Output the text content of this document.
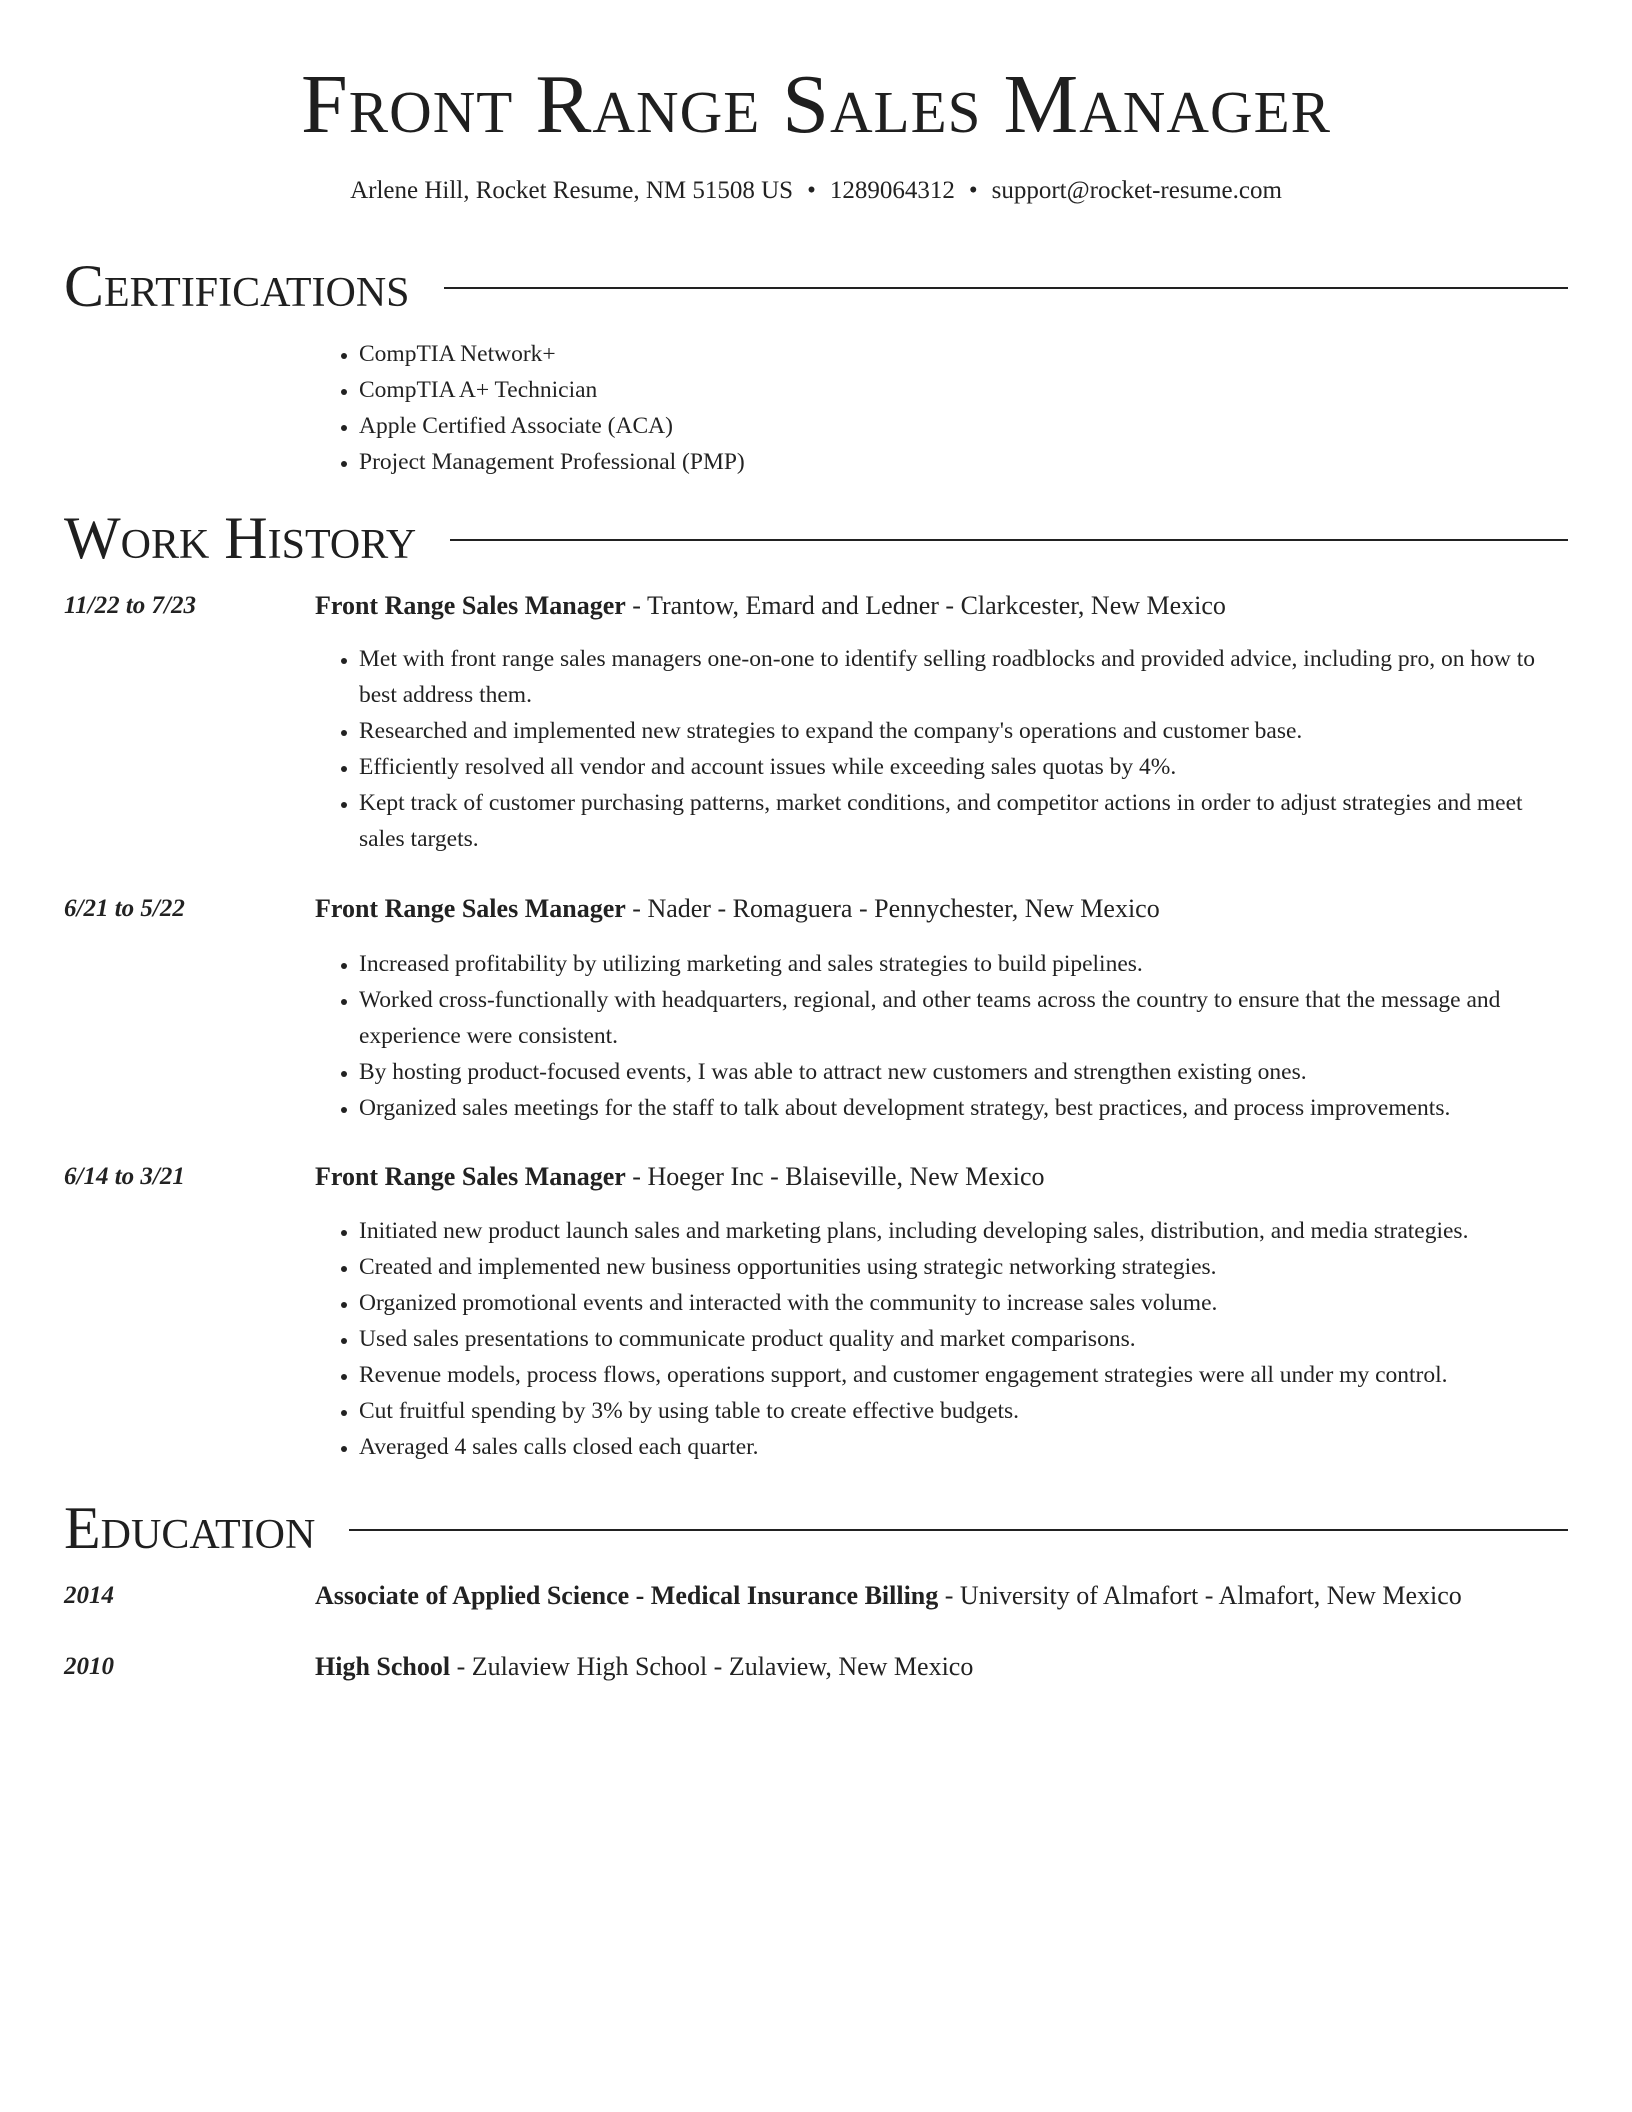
Front Range Sales Manager
Arlene Hill, Rocket Resume, NM 51508 US • 1289064312 • support@rocket-resume.com
Certifications
• CompTIA Network+
• CompTIA A+ Technician
• Apple Certified Associate (ACA)
• Project Management Professional (PMP)
Work History
11/22 to 7/23	Front Range Sales Manager - Trantow, Emard and Ledner - Clarkcester, New Mexico
• Met with front range sales managers one-on-one to identify selling roadblocks and provided advice, including pro, on how to best address them.
• Researched and implemented new strategies to expand the company's operations and customer base.
• Efficiently resolved all vendor and account issues while exceeding sales quotas by 4%.
• Kept track of customer purchasing patterns, market conditions, and competitor actions in order to adjust strategies and meet sales targets.
6/21 to 5/22	Front Range Sales Manager - Nader - Romaguera - Pennychester, New Mexico
• Increased profitability by utilizing marketing and sales strategies to build pipelines.
• Worked cross-functionally with headquarters, regional, and other teams across the country to ensure that the message and experience were consistent.
• By hosting product-focused events, I was able to attract new customers and strengthen existing ones.
• Organized sales meetings for the staff to talk about development strategy, best practices, and process improvements.
6/14 to 3/21	Front Range Sales Manager - Hoeger Inc - Blaiseville, New Mexico
• Initiated new product launch sales and marketing plans, including developing sales, distribution, and media strategies.
• Created and implemented new business opportunities using strategic networking strategies.
• Organized promotional events and interacted with the community to increase sales volume.
• Used sales presentations to communicate product quality and market comparisons.
• Revenue models, process flows, operations support, and customer engagement strategies were all under my control.
• Cut fruitful spending by 3% by using table to create effective budgets.
• Averaged 4 sales calls closed each quarter.
Education
2014	Associate of Applied Science - Medical Insurance Billing - University of Almafort - Almafort, New Mexico
2010	High School - Zulaview High School - Zulaview, New Mexico
